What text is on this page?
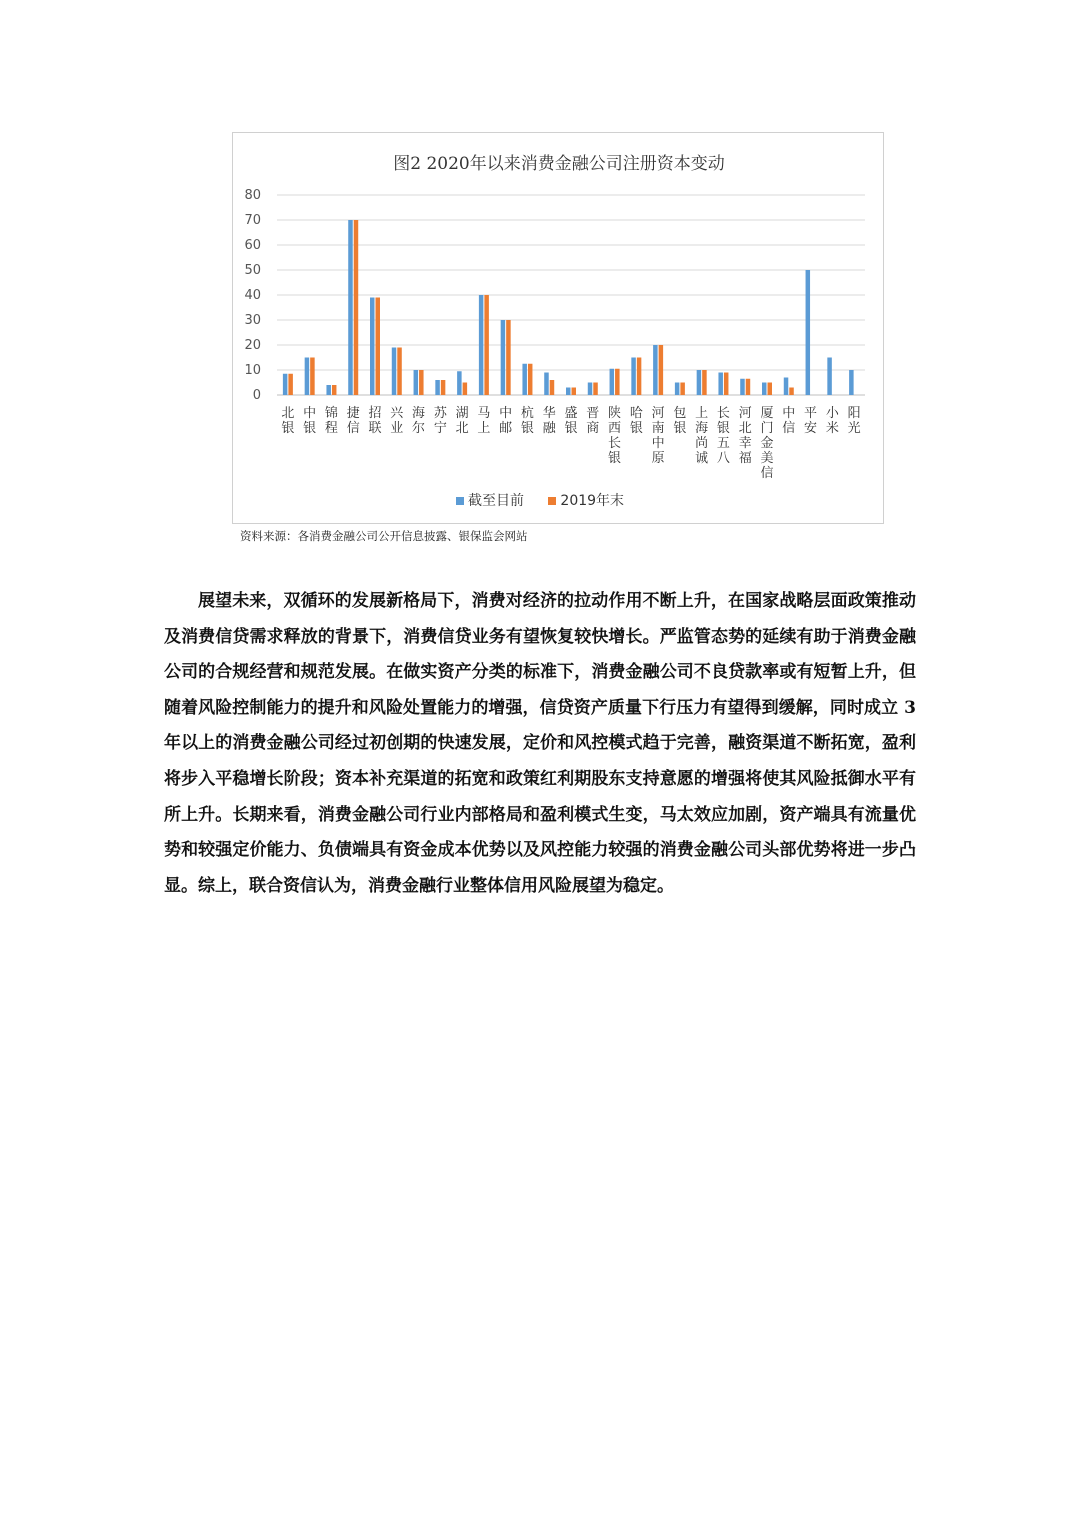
图2 2020年以来消费金融公司注册资本变动
0
10
20
30
40
50
60
70
80
北
银
中
银
锦
程
捷
信
招
联
兴
业
海
尔
苏
宁
湖
北
马
上
中
邮
杭
银
华
融
盛
银
晋
商
陕
西
长
银
哈
银
河
南
中
原
包
银
上
海
尚
诚
长
银
五
八
河
北
幸
福
厦
门
金
美
信
中
信
平
安
小
米
阳
光
截至目前	2019年末
资料来源：各消费金融公司公开信息披露、银保监会网站

展望未来，双循环的发展新格局下，消费对经济的拉动作用不断上升，在国家战略层面政策推动及消费信贷需求释放的背景下，消费信贷业务有望恢复较快增长。严监管态势的延续有助于消费金融公司的合规经营和规范发展。在做实资产分类的标准下，消费金融公司不良贷款率或有短暂上升，但随着风险控制能力的提升和风险处置能力的增强，信贷资产质量下行压力有望得到缓解，同时成立 3 年以上的消费金融公司经过初创期的快速发展，定价和风控模式趋于完善，融资渠道不断拓宽，盈利将步入平稳增长阶段；资本补充渠道的拓宽和政策红利期股东支持意愿的增强将使其风险抵御水平有所上升。长期来看，消费金融公司行业内部格局和盈利模式生变，马太效应加剧，资产端具有流量优势和较强定价能力、负债端具有资金成本优势以及风控能力较强的消费金融公司头部优势将进一步凸显。综上，联合资信认为，消费金融行业整体信用风险展望为稳定。
